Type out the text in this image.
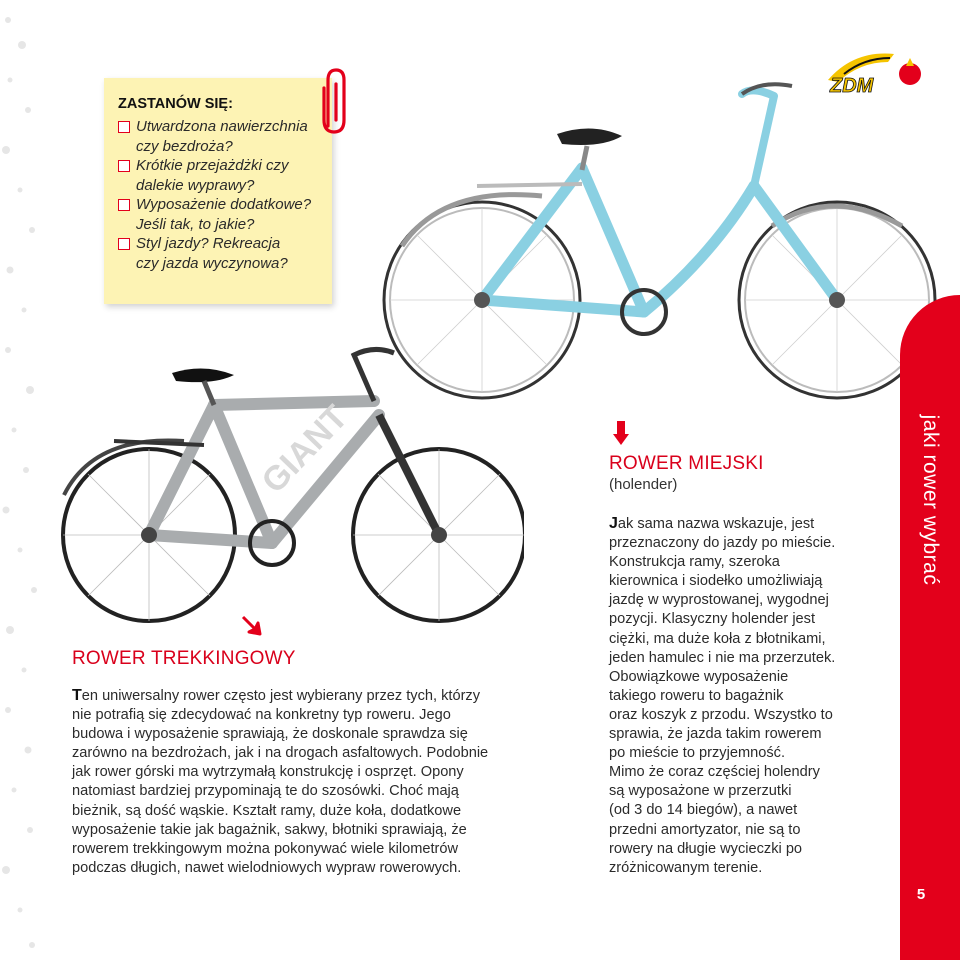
ZASTANÓW SIĘ:
Utwardzona nawierzchnia
czy bezdroża?
Krótkie przejażdżki czy
dalekie wyprawy?
Wyposażenie dodatkowe?
Jeśli tak, to jakie?
Styl jazdy? Rekreacja
czy jazda wyczynowa?
ZDM
GIANT	ROWER MIEJSKI

(holender)

Jak sama nazwa wskazuje, jest
przeznaczony do jazdy po mieście.
Konstrukcja ramy, szeroka
kierownica i siodełko umożliwiają
jazdę w wyprostowanej, wygodnej
pozycji. Klasyczny holender jest
ciężki, ma duże koła z błotnikami,
jeden hamulec i nie ma przerzutek.
Obowiązkowe wyposażenie
takiego roweru to bagażnik
oraz koszyk z przodu. Wszystko to
sprawia, że jazda takim rowerem
po mieście to przyjemność.
Mimo że coraz częściej holendry
są wyposażone w przerzutki
(od 3 do 14 biegów), a nawet
przedni amortyzator, nie są to
rowery na długie wycieczki po
zróżnicowanym terenie.

ROWER TREKKINGOWY

Ten uniwersalny rower często jest wybierany przez tych, którzy
nie potrafią się zdecydować na konkretny typ roweru. Jego
budowa i wyposażenie sprawiają, że doskonale sprawdza się
zarówno na bezdrożach, jak i na drogach asfaltowych. Podobnie
jak rower górski ma wytrzymałą konstrukcję i osprzęt. Opony
natomiast bardziej przypominają te do szosówki. Choć mają
bieżnik, są dość wąskie. Kształt ramy, duże koła, dodatkowe
wyposażenie takie jak bagażnik, sakwy, błotniki sprawiają, że
rowerem trekkingowym można pokonywać wiele kilometrów
podczas długich, nawet wielodniowych wypraw rowerowych.

jaki rower wybrać
5
